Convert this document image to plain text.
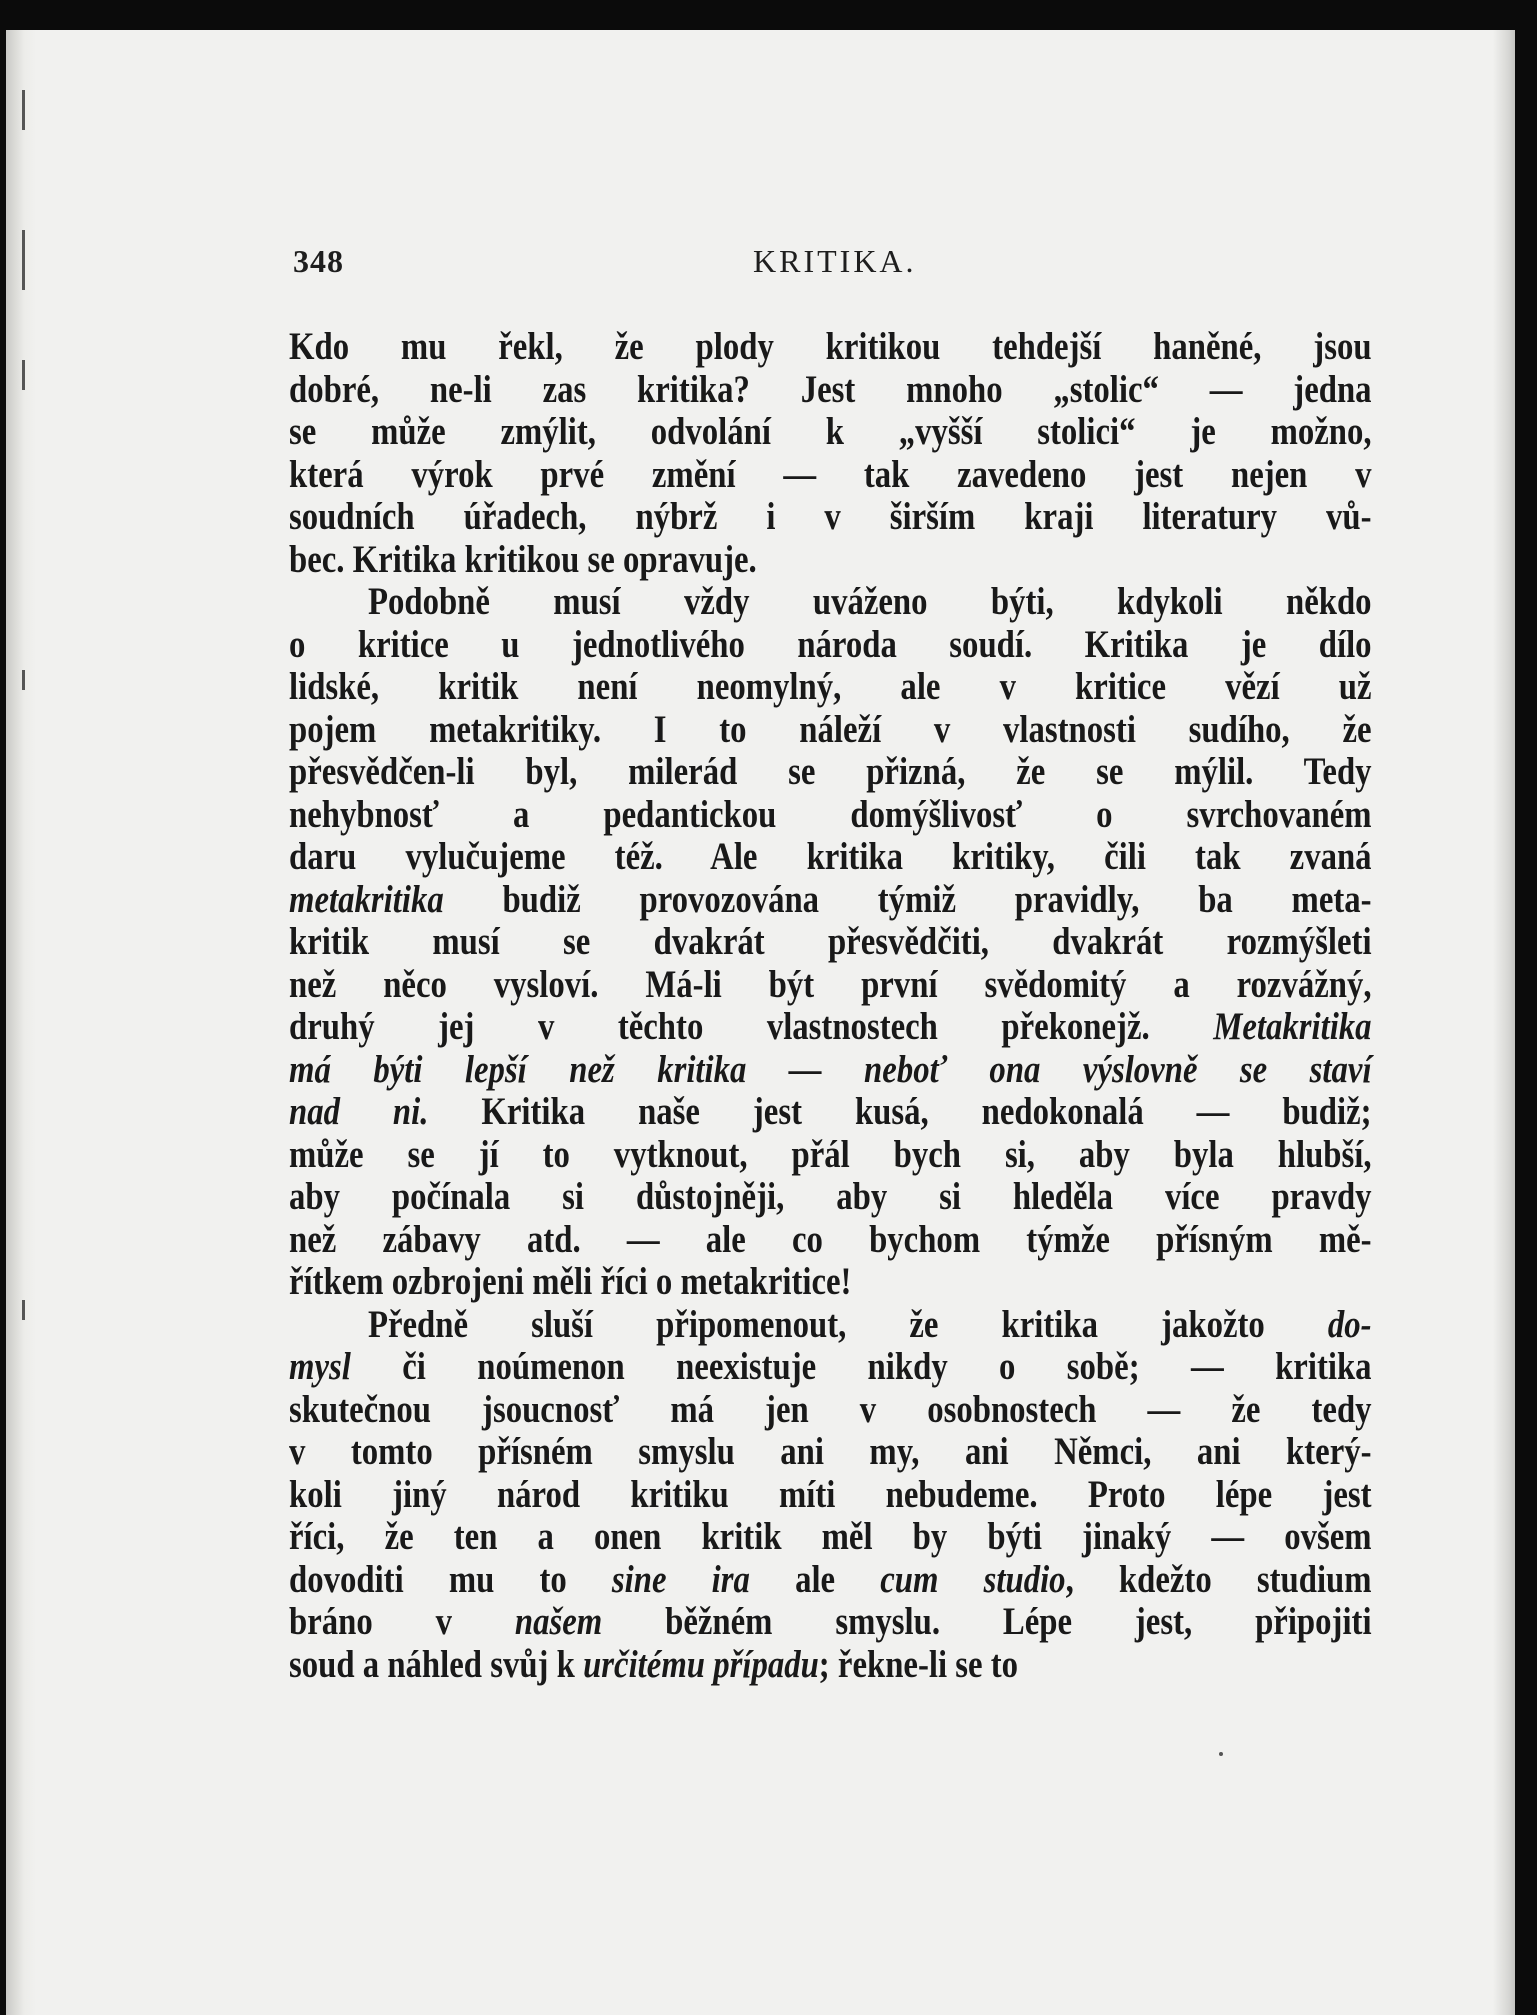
348	KRITIKA.
Kdo mu řekl, že plody kritikou tehdejší haněné, jsou
dobré, ne-li zas kritika? Jest mnoho „stolic“ — jedna
se může zmýlit, odvolání k „vyšší stolici“ je možno,
která výrok prvé změní — tak zavedeno jest nejen v
soudních úřadech, nýbrž i v širším kraji literatury vů-
bec. Kritika kritikou se opravuje.
Podobně musí vždy uváženo býti, kdykoli někdo
o kritice u jednotlivého národa soudí. Kritika je dílo
lidské, kritik není neomylný, ale v kritice vězí už
pojem metakritiky. I to náleží v vlastnosti sudího, že
přesvědčen-li byl, milerád se přizná, že se mýlil. Tedy
nehybnosť a pedantickou domýšlivosť o svrchovaném
daru vylučujeme též. Ale kritika kritiky, čili tak zvaná
metakritika budiž provozována týmiž pravidly, ba meta-
kritik musí se dvakrát přesvědčiti, dvakrát rozmýšleti
než něco vysloví. Má-li být první svědomitý a rozvážný,
druhý jej v těchto vlastnostech překonejž. Metakritika
má býti lepší než kritika — neboť ona výslovně se staví
nad ni. Kritika naše jest kusá, nedokonalá — budiž;
může se jí to vytknout, přál bych si, aby byla hlubší,
aby počínala si důstojněji, aby si hleděla více pravdy
než zábavy atd. — ale co bychom týmže přísným mě-
řítkem ozbrojeni měli říci o metakritice!
Předně sluší připomenout, že kritika jakožto do-
mysl či noúmenon neexistuje nikdy o sobě; — kritika
skutečnou jsoucnosť má jen v osobnostech — že tedy
v tomto přísném smyslu ani my, ani Němci, ani který-
koli jiný národ kritiku míti nebudeme. Proto lépe jest
říci, že ten a onen kritik měl by býti jinaký — ovšem
dovoditi mu to sine ira ale cum studio, kdežto studium
bráno v našem běžném smyslu. Lépe jest, připojiti
soud a náhled svůj k určitému případu; řekne-li se to
